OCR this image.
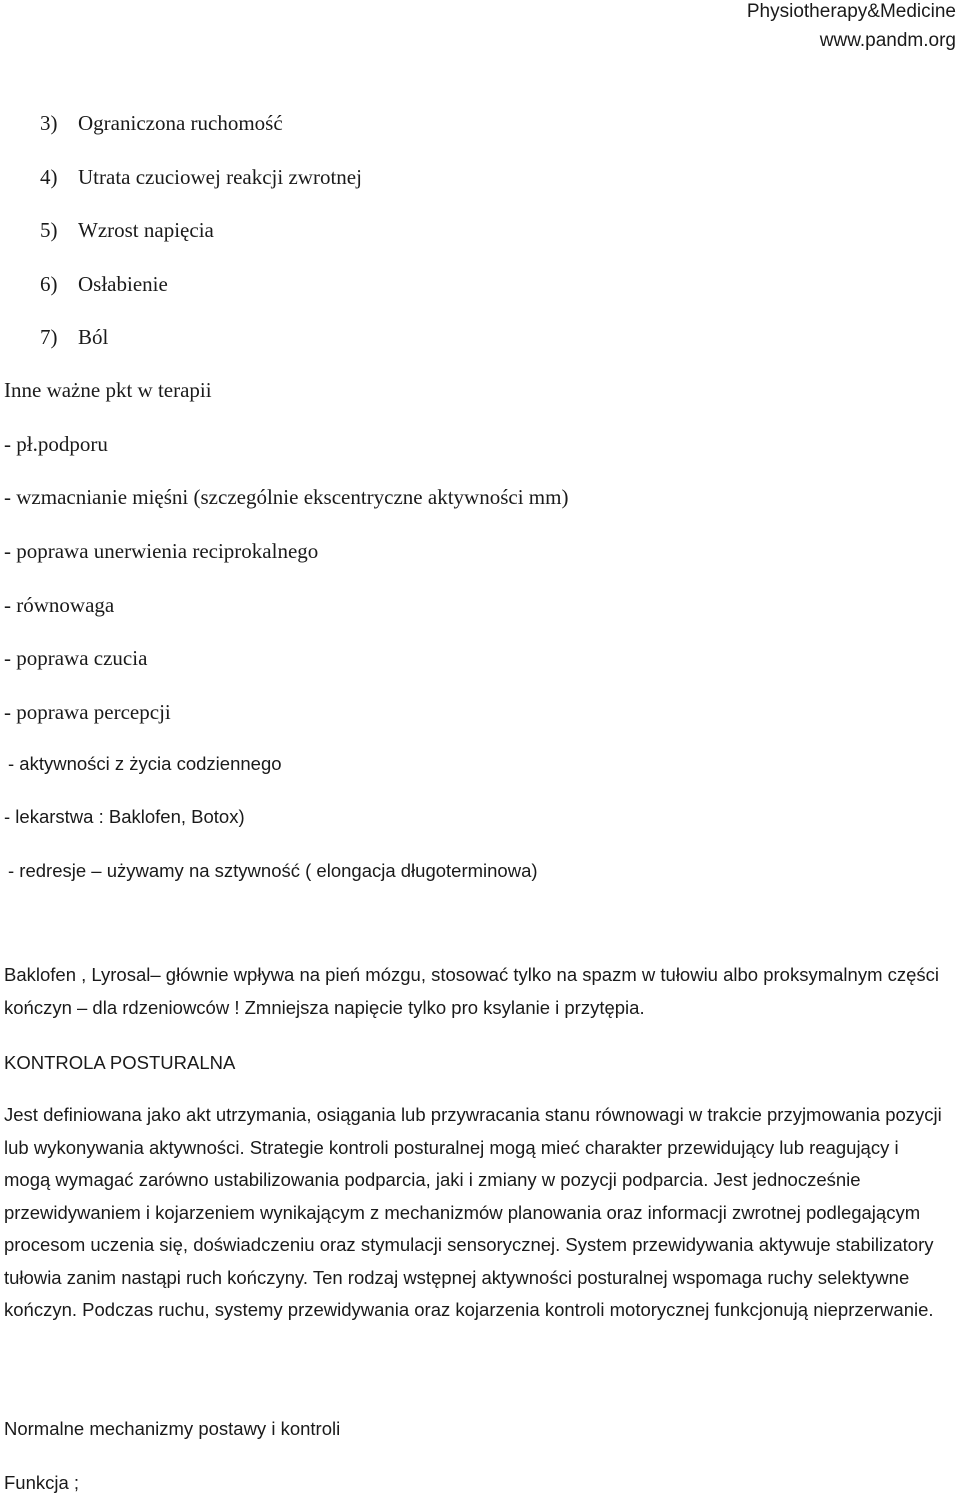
Physiotherapy&Medicine
www.pandm.org
3) Ograniczona ruchomość
4) Utrata czuciowej reakcji zwrotnej
5) Wzrost napięcia
6) Osłabienie
7) Ból
Inne ważne pkt w terapii
- pł.podporu
- wzmacnianie mięśni (szczególnie ekscentryczne aktywności mm)
- poprawa unerwienia reciprokalnego
- równowaga
- poprawa czucia
- poprawa percepcji
- aktywności z życia codziennego
- lekarstwa : Baklofen, Botox)
- redresje – używamy na sztywność ( elongacja długoterminowa)

Baklofen , Lyrosal– głównie wpływa na pień mózgu, stosować tylko na spazm w tułowiu albo proksymalnym części kończyn – dla rdzeniowców ! Zmniejsza napięcie tylko pro ksylanie i przytępia.

KONTROLA POSTURALNA

Jest definiowana jako akt utrzymania, osiągania lub przywracania stanu równowagi w trakcie przyjmowania pozycji lub wykonywania aktywności. Strategie kontroli posturalnej mogą mieć charakter przewidujący lub reagujący i mogą wymagać zarówno ustabilizowania podparcia, jaki i zmiany w pozycji podparcia. Jest jednocześnie przewidywaniem i kojarzeniem wynikającym z mechanizmów planowania oraz informacji zwrotnej podlegającym procesom uczenia się, doświadczeniu oraz stymulacji sensorycznej. System przewidywania aktywuje stabilizatory tułowia zanim nastąpi ruch kończyny. Ten rodzaj wstępnej aktywności posturalnej wspomaga ruchy selektywne kończyn. Podczas ruchu, systemy przewidywania oraz kojarzenia kontroli motorycznej funkcjonują nieprzerwanie.

Normalne mechanizmy postawy i kontroli
Funkcja ;
